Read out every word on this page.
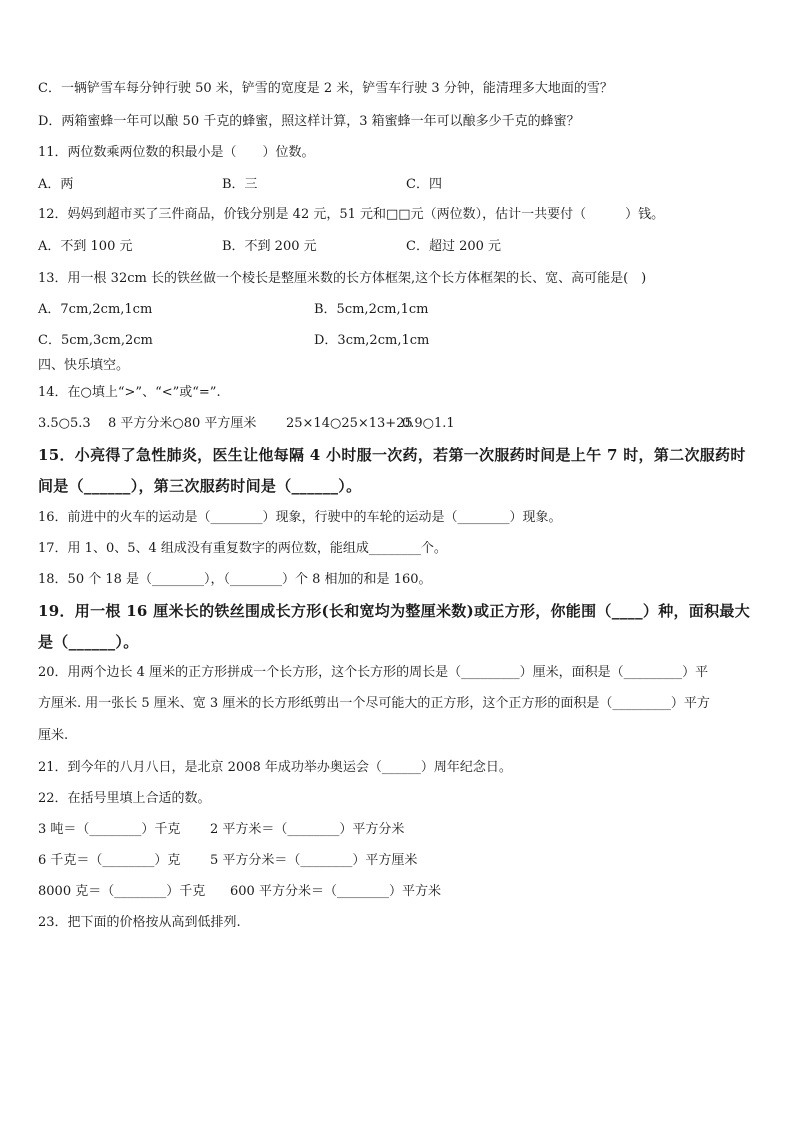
C．一辆铲雪车每分钟行驶 50 米，铲雪的宽度是 2 米，铲雪车行驶 3 分钟，能清理多大地面的雪？
D．两箱蜜蜂一年可以酿 50 千克的蜂蜜，照这样计算，3 箱蜜蜂一年可以酿多少千克的蜂蜜？
11．两位数乘两位数的积最小是（　　）位数。
A．两	B．三	C．四
12．妈妈到超市买了三件商品，价钱分别是 42 元，51 元和□□元（两位数），估计一共要付（　　　）钱。
A．不到 100 元	B．不到 200 元	C．超过 200 元
13．用一根 32cm 长的铁丝做一个棱长是整厘米数的长方体框架,这个长方体框架的长、宽、高可能是(　)
A．7cm,2cm,1cm	B．5cm,2cm,1cm
C．5cm,3cm,2cm	D．3cm,2cm,1cm
四、快乐填空。
14．在○填上“>”、“<”或“=”.
3.5○5.3 8 平方分米○80 平方厘米 25×14○25×13+25
0.9○1.1
15．小亮得了急性肺炎，医生让他每隔 4 小时服一次药，若第一次服药时间是上午 7 时，第二次服药时
间是（______），第三次服药时间是（______）。
16．前进中的火车的运动是（________）现象，行驶中的车轮的运动是（________）现象。
17．用 1、0、5、4 组成没有重复数字的两位数，能组成________个。
18．50 个 18 是（________），（________）个 8 相加的和是 160。
19．用一根 16 厘米长的铁丝围成长方形(长和宽均为整厘米数)或正方形，你能围（____）种，面积最大
是（______）。
20．用两个边长 4 厘米的正方形拼成一个长方形，这个长方形的周长是（_________）厘米，面积是（_________）平
方厘米. 用一张长 5 厘米、宽 3 厘米的长方形纸剪出一个尽可能大的正方形，这个正方形的面积是（_________）平方
厘米.
21．到今年的八月八日，是北京 2008 年成功举办奥运会（______）周年纪念日。
22．在括号里填上合适的数。
3 吨＝（________）千克 2 平方米＝（________）平方分米
6 千克＝（________）克 5 平方分米＝（________）平方厘米
8000 克＝（________）千克 600 平方分米＝（________）平方米
23．把下面的价格按从高到低排列.
